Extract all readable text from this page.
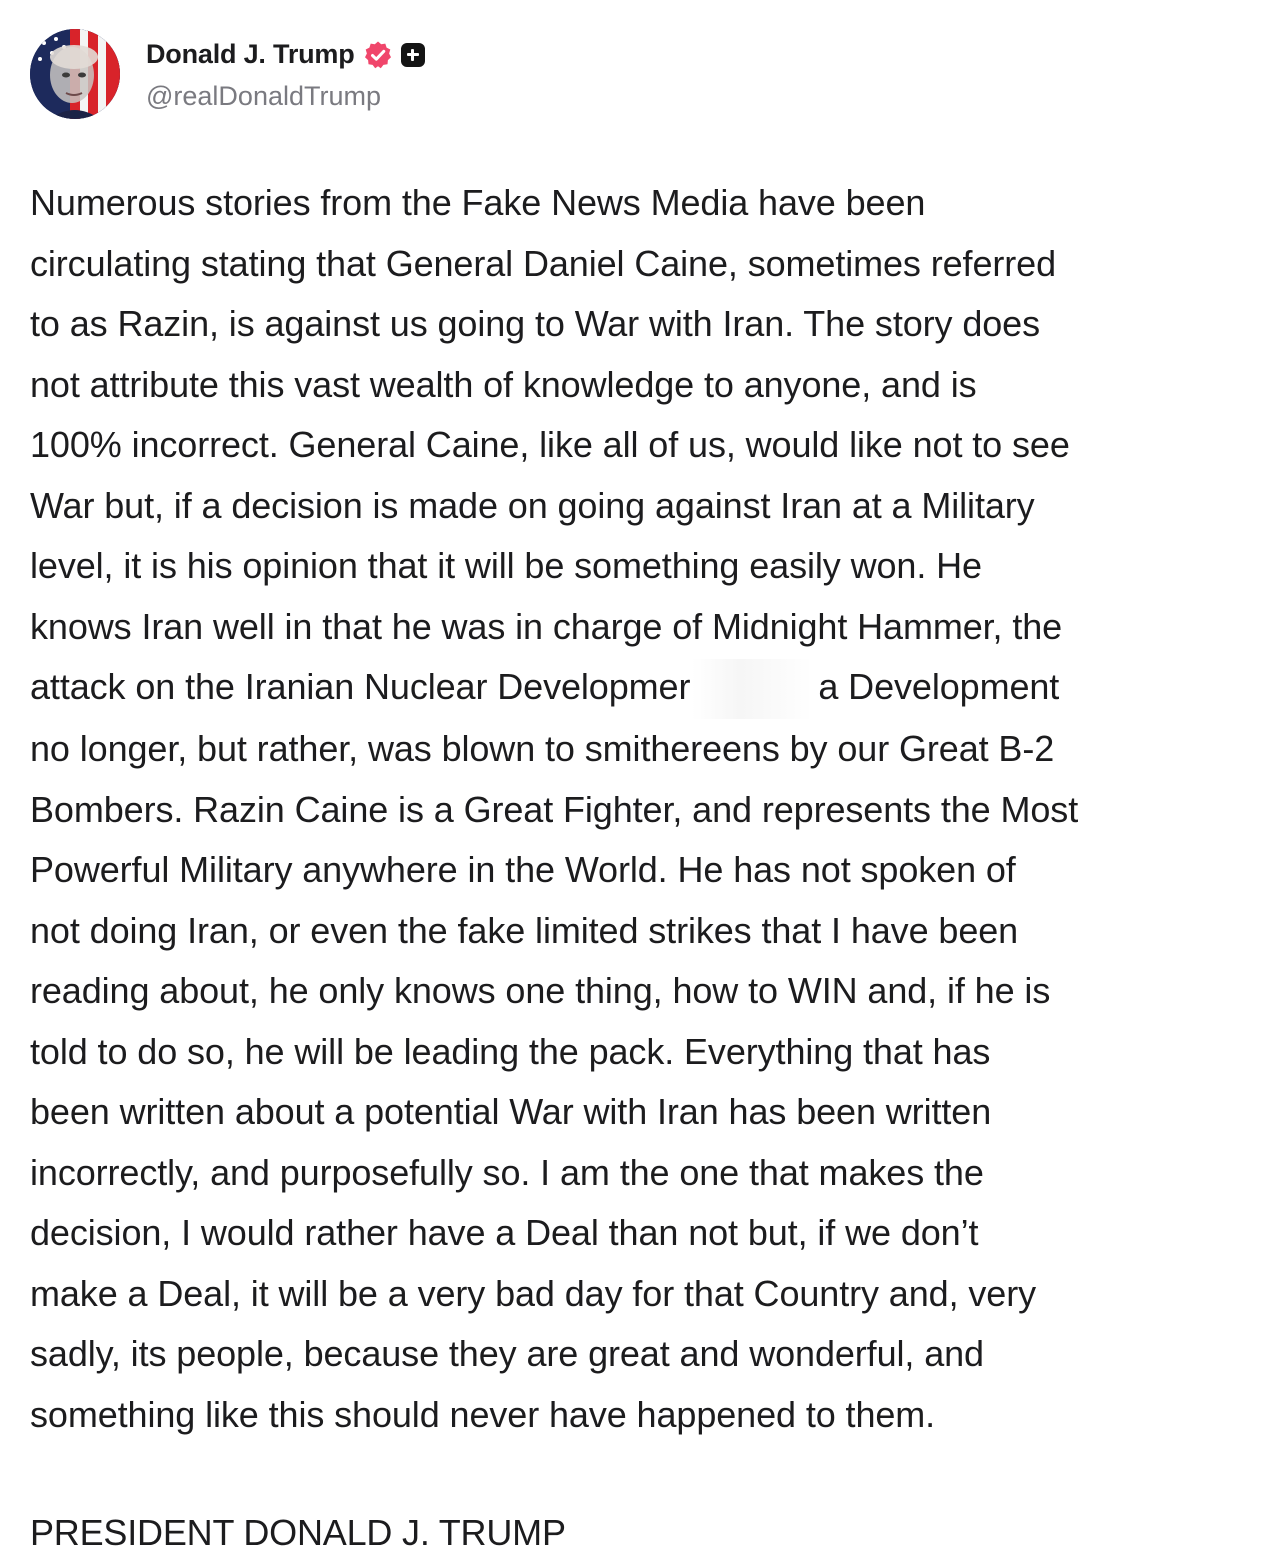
Donald J. Trump
@realDonaldTrump

Numerous stories from the Fake News Media have been

circulating stating that General Daniel Caine, sometimes referred

to as Razin, is against us going to War with Iran. The story does

not attribute this vast wealth of knowledge to anyone, and is

100% incorrect. General Caine, like all of us, would like not to see

War but, if a decision is made on going against Iran at a Military

level, it is his opinion that it will be something easily won. He

knows Iran well in that he was in charge of Midnight Hammer, the

attack on the Iranian Nuclear Developmer	a Development

no longer, but rather, was blown to smithereens by our Great B-2

Bombers. Razin Caine is a Great Fighter, and represents the Most

Powerful Military anywhere in the World. He has not spoken of

not doing Iran, or even the fake limited strikes that I have been

reading about, he only knows one thing, how to WIN and, if he is

told to do so, he will be leading the pack. Everything that has

been written about a potential War with Iran has been written

incorrectly, and purposefully so. I am the one that makes the

decision, I would rather have a Deal than not but, if we don’t

make a Deal, it will be a very bad day for that Country and, very

sadly, its people, because they are great and wonderful, and

something like this should never have happened to them.

PRESIDENT DONALD J. TRUMP
